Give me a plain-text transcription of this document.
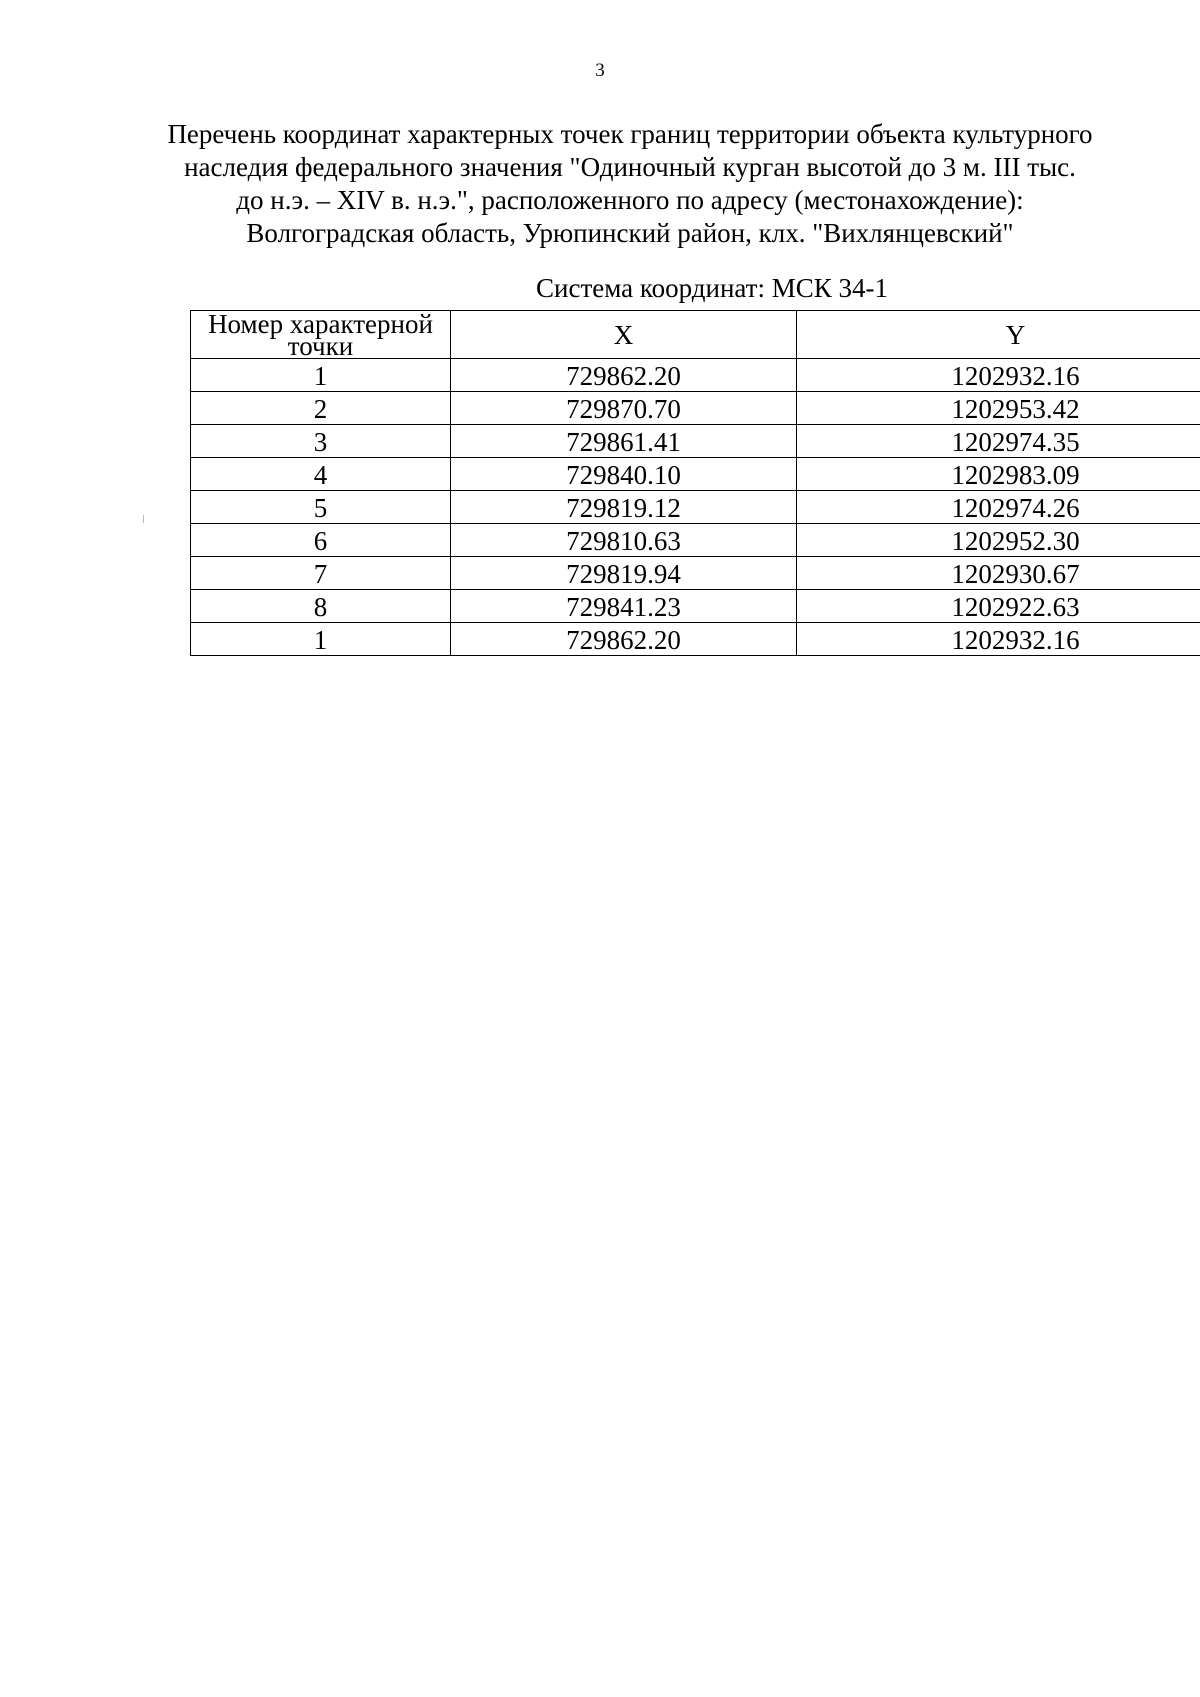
3
Перечень координат характерных точек границ территории объекта культурного
наследия федерального значения "Одиночный курган высотой до 3 м. III тыс.
до н.э. – XIV в. н.э.", расположенного по адресу (местонахождение):
Волгоградская область, Урюпинский район, клх. "Вихлянцевский"
Система координат: МСК 34-1
Номер характерной точки	X	Y
1	729862.20	1202932.16
2	729870.70	1202953.42
3	729861.41	1202974.35
4	729840.10	1202983.09
5	729819.12	1202974.26
6	729810.63	1202952.30
7	729819.94	1202930.67
8	729841.23	1202922.63
1	729862.20	1202932.16
